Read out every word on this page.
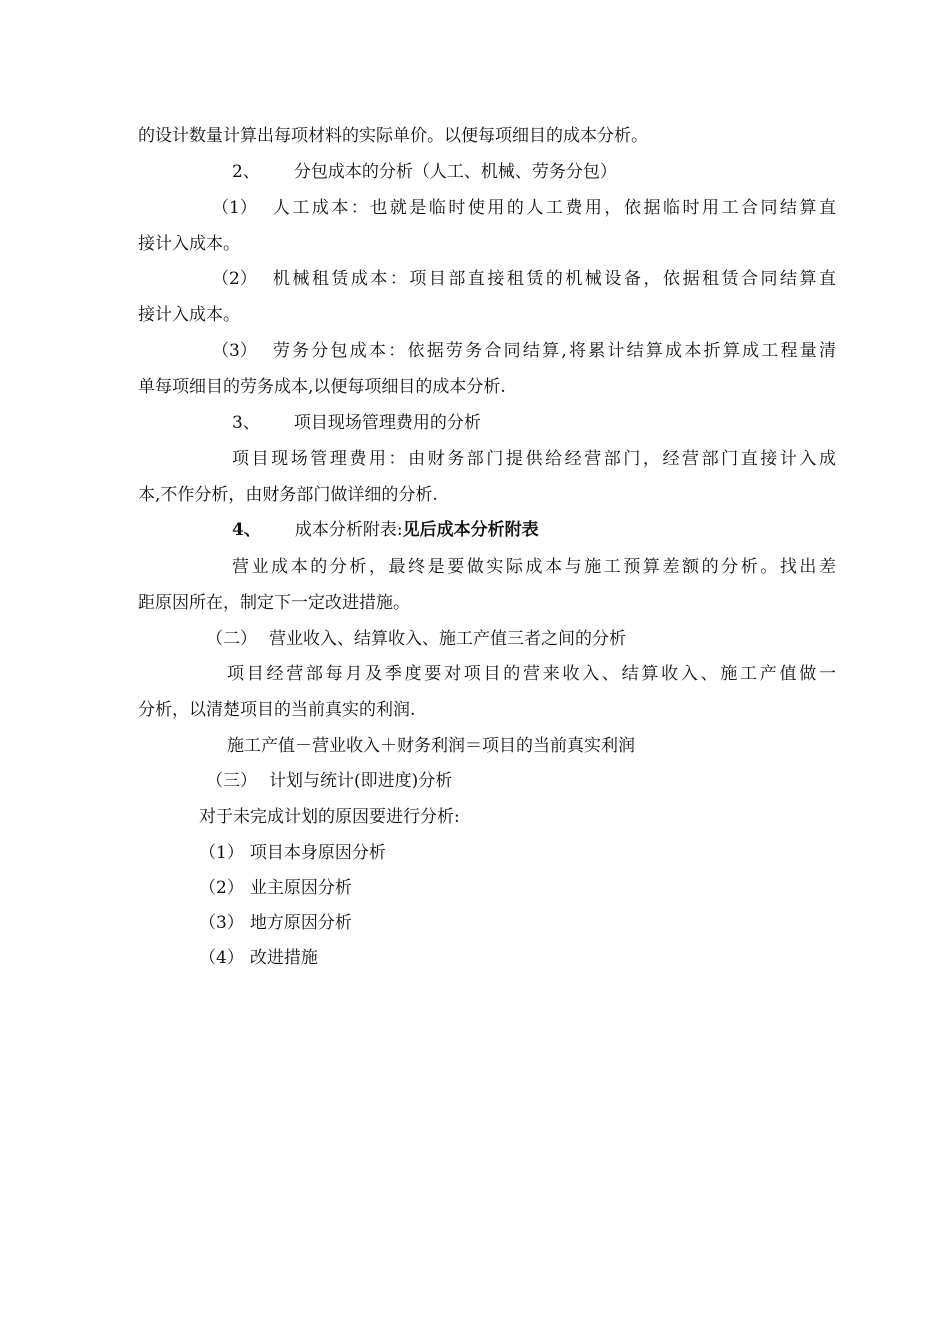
的设计数量计算出每项材料的实际单价。以便每项细目的成本分析。
2、 分包成本的分析（人工、机械、劳务分包）
（1） 人工成本：也就是临时使用的人工费用，依据临时用工合同结算直
接计入成本。
（2） 机械租赁成本：项目部直接租赁的机械设备，依据租赁合同结算直
接计入成本。
（3） 劳务分包成本：依据劳务合同结算,将累计结算成本折算成工程量清
单每项细目的劳务成本,以便每项细目的成本分析.
3、 项目现场管理费用的分析
项目现场管理费用：由财务部门提供给经营部门，经营部门直接计入成
本,不作分析，由财务部门做详细的分析.
4、 成本分析附表:见后成本分析附表
营业成本的分析，最终是要做实际成本与施工预算差额的分析。找出差
距原因所在，制定下一定改进措施。
（二） 营业收入、结算收入、施工产值三者之间的分析
项目经营部每月及季度要对项目的营来收入、结算收入、施工产值做一
分析，以清楚项目的当前真实的利润.
施工产值－营业收入＋财务利润＝项目的当前真实利润
（三） 计划与统计(即进度)分析
对于未完成计划的原因要进行分析:
（1） 项目本身原因分析
（2） 业主原因分析
（3） 地方原因分析
（4） 改进措施
